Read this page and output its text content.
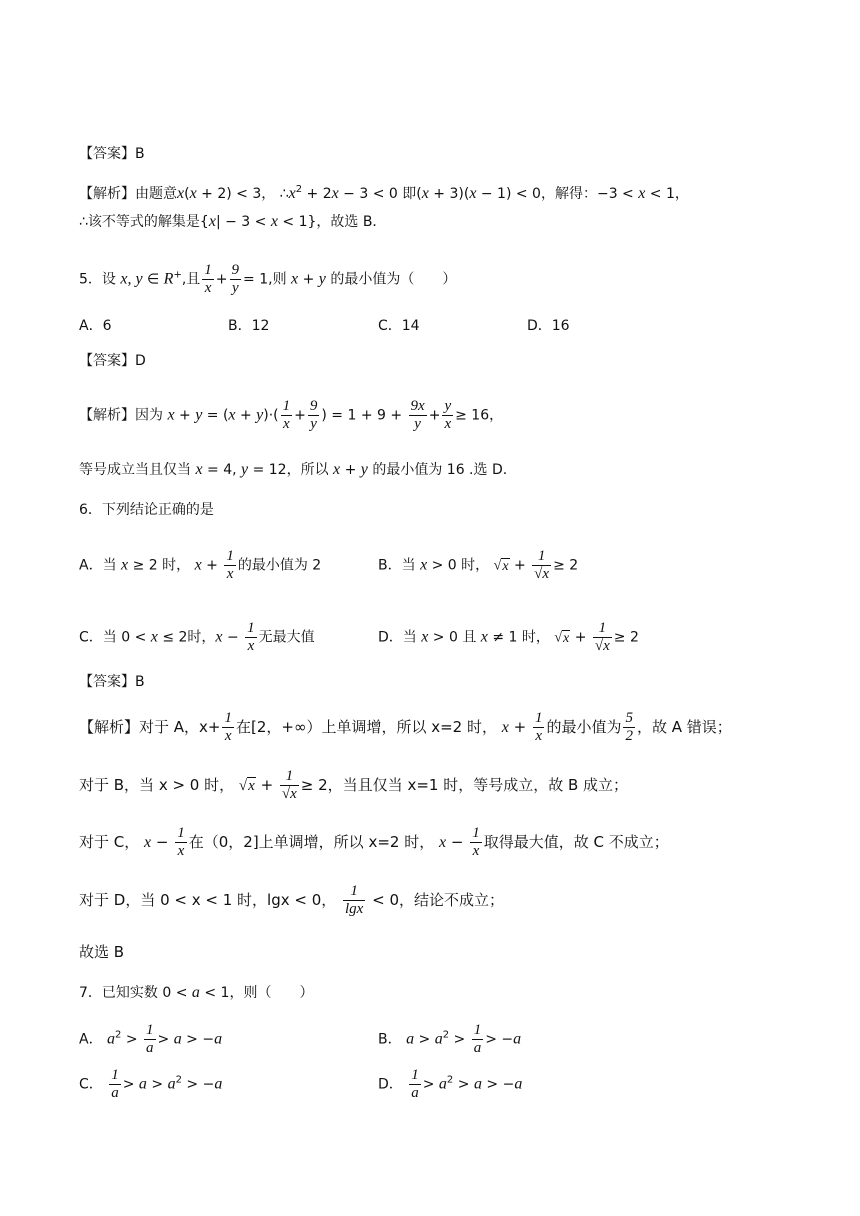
【答案】B
【解析】由题意x(x + 2) < 3， $\therefore x^2 + 2x - 3 < 0$ 即(x + 3)(x − 1) < 0，解得：−3 < x < 1，
∴该不等式的解集是{x| − 3 < x < 1}，故选 B．
5．设 x, y ∈ R+,且 $\frac{1}{x} + \frac{9}{y} = 1$,则 x + y 的最小值为（　　）
A．6	B．12	C．14	D．16
【答案】D
【解析】因为 $x + y = (x + y)\cdot( \frac{1}{x} + \frac{9}{y}$ ) = $1 + 9 + \frac{9x}{y} + \frac{y}{x} \ge 16$，
等号成立当且仅当 x = 4, y = 12，所以 x + y 的最小值为 16 .选 D.
6．下列结论正确的是
A．当 x ≥ 2 时， $x + \frac{1}{x}$ 的最小值为 2	B．当 x > 0 时， $√x + \frac{1}{√x} \ge 2$
C．当 0 < x ≤ 2时，$x - \frac{1}{x}$ 无最大值	D．当 x > 0 且 x ≠ 1 时， $√x + \frac{1}{√x} \ge 2$
【答案】B
【解析】对于 A，$x+ \frac{1}{x}$ 在[2，+∞）上单调增，所以 x=2 时， $x + \frac{1}{x}$ 的最小值为 $\frac{5}{2}$ ，故 A 错误；
对于 B，当 x > 0 时， $√x + \frac{1}{√x} \ge 2$，当且仅当 x=1 时，等号成立，故 B 成立；
对于 C， $x - \frac{1}{x}$ 在（0，2]上单调增，所以 x=2 时， $x - \frac{1}{x}$ 取得最大值，故 C 不成立；
对于 D，当 0 < x < 1 时，lgx < 0， $\frac{1}{\lg x} < 0$，结论不成立；
故选 B
7．已知实数 0 < a < 1，则（　　）
A． $a^2 > \frac{1}{a} > a > -a$	B． $a > a^2 > \frac{1}{a} > -a$
C． $\frac{1}{a} > a > a^2 > -a$	D． $\frac{1}{a} > a^2 > a > -a$
